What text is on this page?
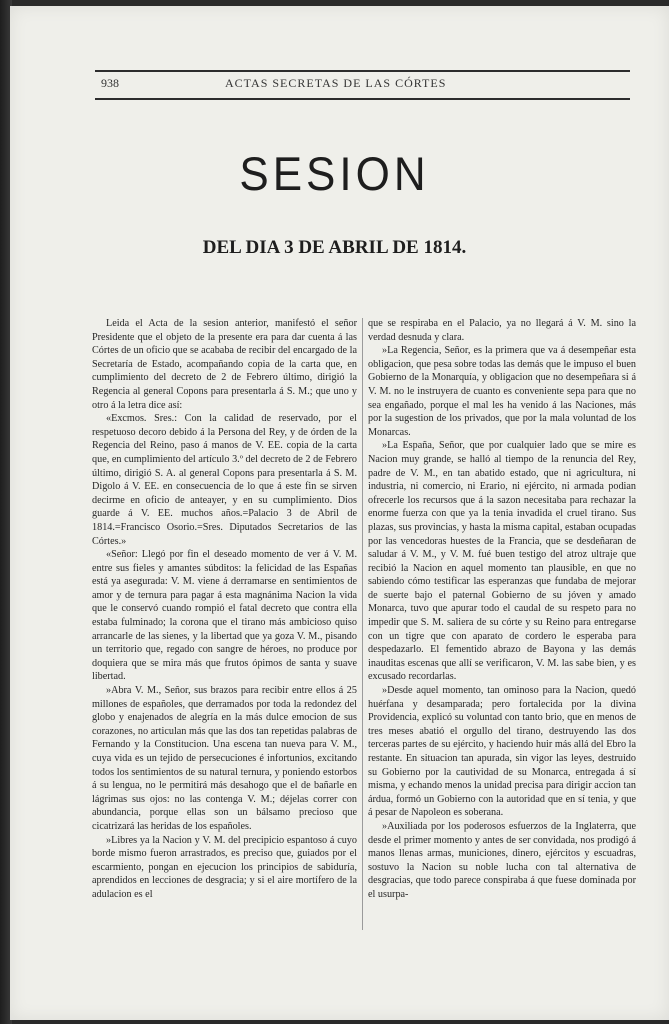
938	ACTAS SECRETAS DE LAS CÓRTES
SESION
DEL DIA 3 DE ABRIL DE 1814.

Leida el Acta de la sesion anterior, manifestó el señor Presidente que el objeto de la presente era para dar cuenta á las Córtes de un oficio que se acababa de recibir del encargado de la Secretaría de Estado, acompañando copia de la carta que, en cumplimiento del decreto de 2 de Febrero último, dirigió la Regencia al general Copons para presentarla á S. M.; que uno y otro á la letra dice así:

«Excmos. Sres.: Con la calidad de reservado, por el respetuoso decoro debido á la Persona del Rey, y de órden de la Regencia del Reino, paso á manos de V. EE. copia de la carta que, en cumplimiento del artículo 3.º del decreto de 2 de Febrero último, dirigió S. A. al general Copons para presentarla á S. M. Digolo á V. EE. en consecuencia de lo que á este fin se sirven decirme en oficio de anteayer, y en su cumplimiento. Dios guarde á V. EE. muchos años.=Palacio 3 de Abril de 1814.=Francisco Osorio.=Sres. Diputados Secretarios de las Córtes.»

«Señor: Llegó por fin el deseado momento de ver á V. M. entre sus fieles y amantes súbditos: la felicidad de las Españas está ya asegurada: V. M. viene á derramarse en sentimientos de amor y de ternura para pagar á esta magnánima Nacion la vida que le conservó cuando rompió el fatal decreto que contra ella estaba fulminado; la corona que el tirano más ambicioso quiso arrancarle de las sienes, y la libertad que ya goza V. M., pisando un territorio que, regado con sangre de héroes, no produce por doquiera que se mira más que frutos ópimos de santa y suave libertad.

»Abra V. M., Señor, sus brazos para recibir entre ellos á 25 millones de españoles, que derramados por toda la redondez del globo y enajenados de alegría en la más dulce emocion de sus corazones, no articulan más que las dos tan repetidas palabras de Fernando y la Constitucion. Una escena tan nueva para V. M., cuya vida es un tejido de persecuciones é infortunios, excitando todos los sentimientos de su natural ternura, y poniendo estorbos á su lengua, no le permitirá más desahogo que el de bañarle en lágrimas sus ojos: no las contenga V. M.; déjelas correr con abundancia, porque ellas son un bálsamo precioso que cicatrizará las heridas de los españoles.

»Libres ya la Nacion y V. M. del precipicio espantoso á cuyo borde mismo fueron arrastrados, es preciso que, guiados por el escarmiento, pongan en ejecucion los principios de sabiduría, aprendidos en lecciones de desgracia; y si el aire mortífero de la adulacion es el

que se respiraba en el Palacio, ya no llegará á V. M. sino la verdad desnuda y clara.

»La Regencia, Señor, es la primera que va á desempeñar esta obligacion, que pesa sobre todas las demás que le impuso el buen Gobierno de la Monarquía, y obligacion que no desempeñara si á V. M. no le instruyera de cuanto es conveniente sepa para que no sea engañado, porque el mal les ha venido á las Naciones, más por la sugestion de los privados, que por la mala voluntad de los Monarcas.

»La España, Señor, que por cualquier lado que se mire es Nacion muy grande, se halló al tiempo de la renuncia del Rey, padre de V. M., en tan abatido estado, que ni agricultura, ni industria, ni comercio, ni Erario, ni ejército, ni armada podian ofrecerle los recursos que á la sazon necesitaba para rechazar la enorme fuerza con que ya la tenia invadida el cruel tirano. Sus plazas, sus provincias, y hasta la misma capital, estaban ocupadas por las vencedoras huestes de la Francia, que se desdeñaran de saludar á V. M., y V. M. fué buen testigo del atroz ultraje que recibió la Nacion en aquel momento tan plausible, en que no sabiendo cómo testificar las esperanzas que fundaba de mejorar de suerte bajo el paternal Gobierno de su jóven y amado Monarca, tuvo que apurar todo el caudal de su respeto para no impedir que S. M. saliera de su córte y su Reino para entregarse con un tigre que con aparato de cordero le esperaba para despedazarlo. El fementido abrazo de Bayona y las demás inauditas escenas que allí se verificaron, V. M. las sabe bien, y es excusado recordarlas.

»Desde aquel momento, tan ominoso para la Nacion, quedó huérfana y desamparada; pero fortalecida por la divina Providencia, explicó su voluntad con tanto brio, que en menos de tres meses abatió el orgullo del tirano, destruyendo las dos terceras partes de su ejército, y haciendo huir más allá del Ebro la restante. En situacion tan apurada, sin vigor las leyes, destruido su Gobierno por la cautividad de su Monarca, entregada á sí misma, y echando menos la unidad precisa para dirigir accion tan árdua, formó un Gobierno con la autoridad que en sí tenia, y que á pesar de Napoleon es soberana.

»Auxiliada por los poderosos esfuerzos de la Inglaterra, que desde el primer momento y antes de ser convidada, nos prodigó á manos llenas armas, municiones, dinero, ejércitos y escuadras, sostuvo la Nacion su noble lucha con tal alternativa de desgracias, que todo parece conspiraba á que fuese dominada por el usurpa-
